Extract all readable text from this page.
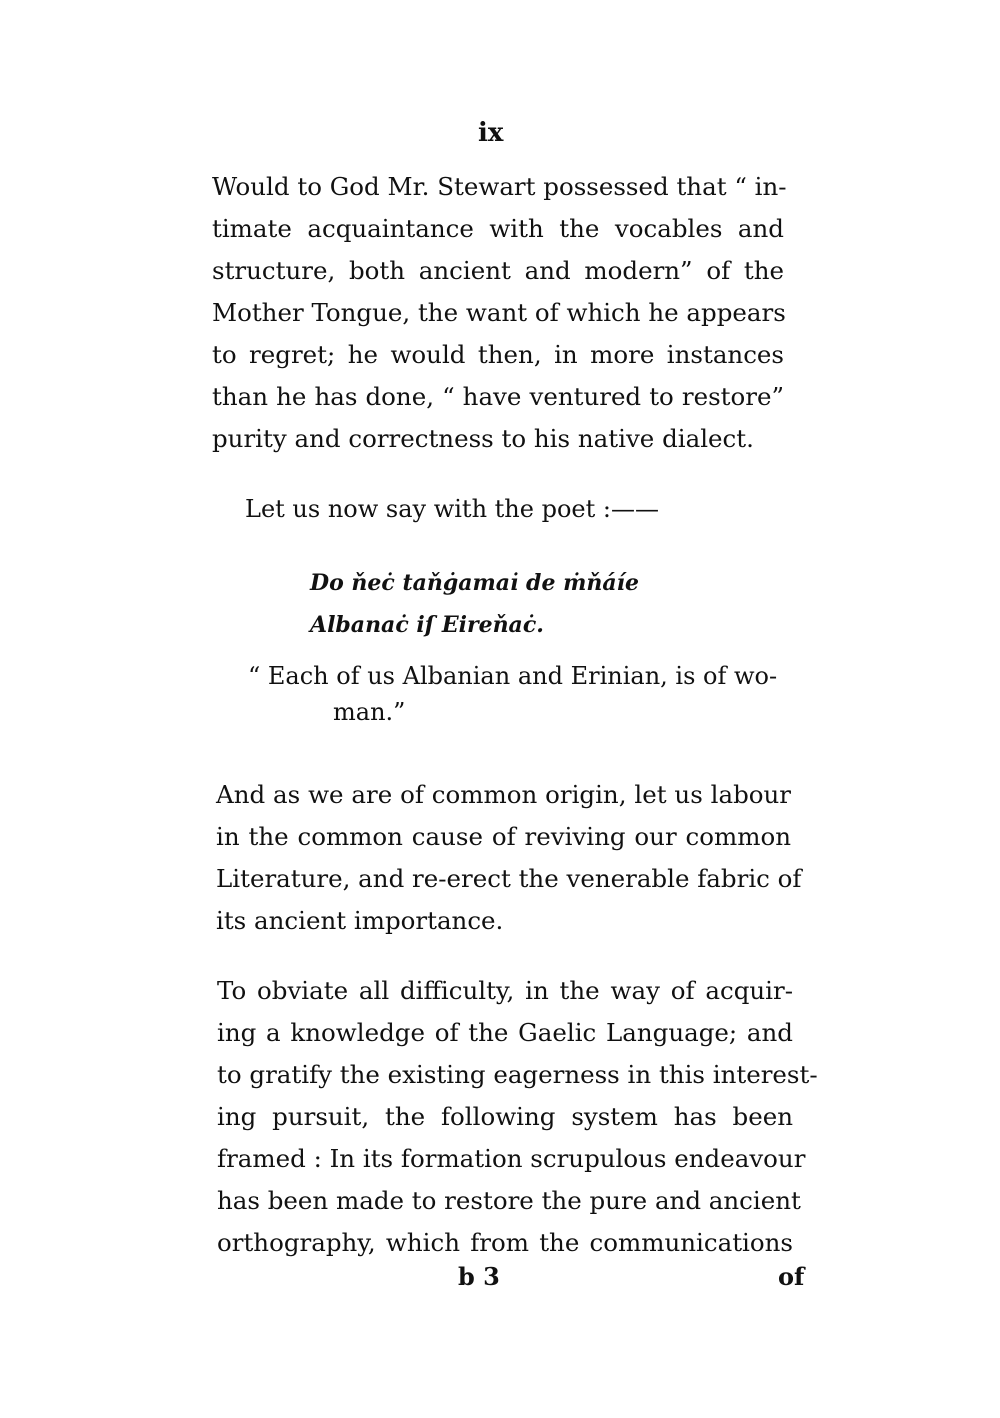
ix

Would to God Mr. Stewart possessed that “ in-
timate acquaintance with the vocables and
structure, both ancient and modern” of the
Mother Tongue, the want of which he appears
to regret; he would then, in more instances
than he has done, “ have ventured to restore”
purity and correctness to his native dialect.

Let us now say with the poet :——

Do ňeċ taňġamai̇ de ṁňáíe
Albanaċ iſ Eireňaċ.
“ Each of us Albanian and Erinian, is of wo-
man.”

And as we are of common origin, let us labour
in the common cause of reviving our common
Literature, and re-erect the venerable fabric of
its ancient importance.

To obviate all difficulty, in the way of acquir-
ing a knowledge of the Gaelic Language; and
to gratify the existing eagerness in this interest-
ing pursuit, the following system has been
framed : In its formation scrupulous endeavour
has been made to restore the pure and ancient
orthography, which from the communications

b 3	of
